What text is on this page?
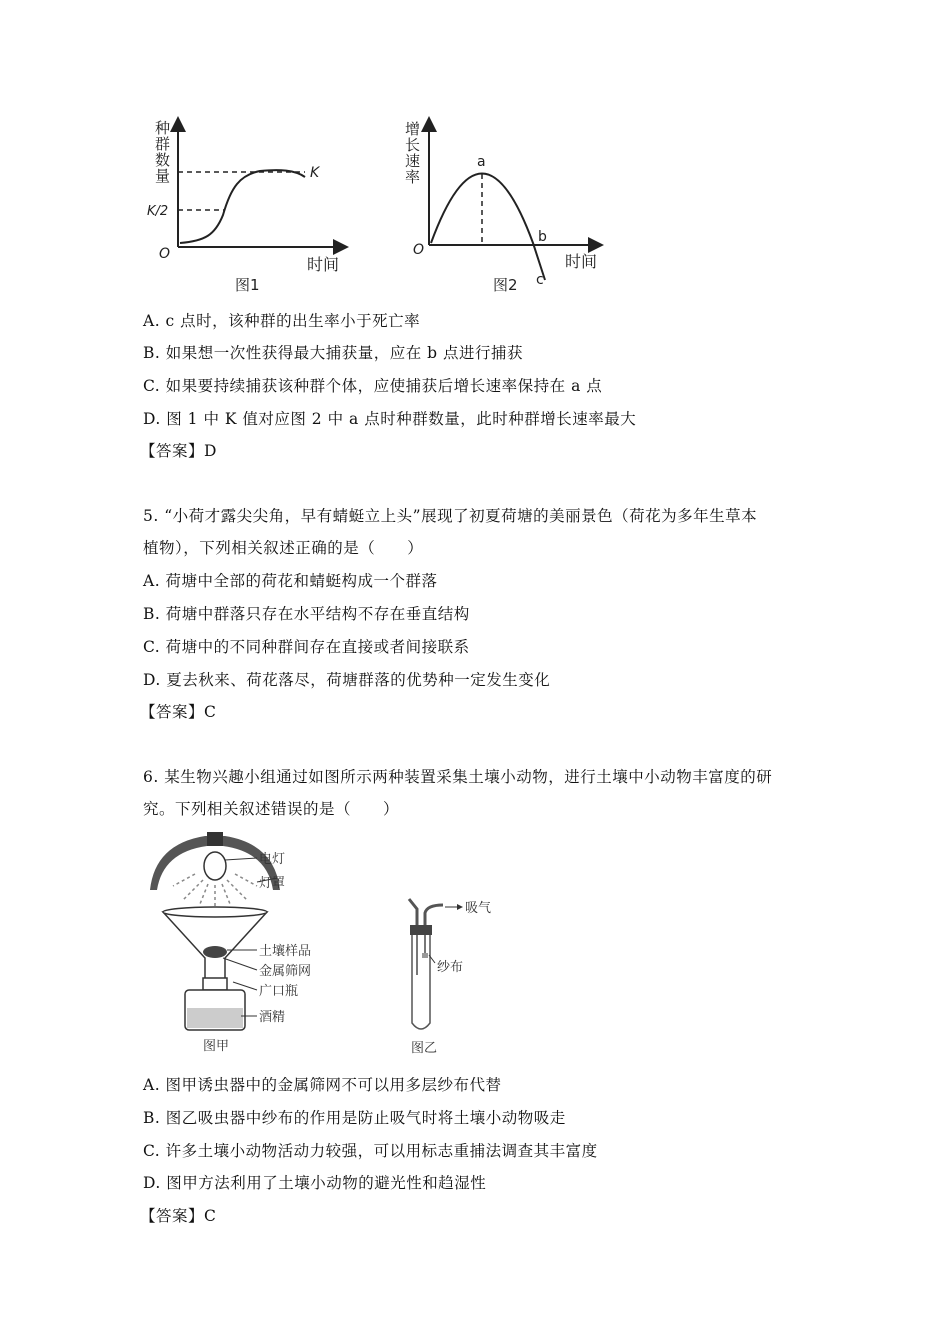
种
群
数
量	K
K/2
O
时间
图1
增
长
速
率
a
b
c
O
时间
图2
A. c 点时，该种群的出生率小于死亡率
B. 如果想一次性获得最大捕获量，应在 b 点进行捕获
C. 如果要持续捕获该种群个体，应使捕获后增长速率保持在 a 点
D. 图 1 中 K 值对应图 2 中 a 点时种群数量，此时种群增长速率最大
【答案】D
5. “小荷才露尖尖角，早有蜻蜓立上头”展现了初夏荷塘的美丽景色（荷花为多年生草本
植物），下列相关叙述正确的是（　　）
A. 荷塘中全部的荷花和蜻蜓构成一个群落
B. 荷塘中群落只存在水平结构不存在垂直结构
C. 荷塘中的不同种群间存在直接或者间接联系
D. 夏去秋来、荷花落尽，荷塘群落的优势种一定发生变化
【答案】C
6. 某生物兴趣小组通过如图所示两种装置采集土壤小动物，进行土壤中小动物丰富度的研
究。下列相关叙述错误的是（　　）
电灯
灯罩
土壤样品
金属筛网
广口瓶
酒精
图甲
吸气
纱布
图乙
A. 图甲诱虫器中的金属筛网不可以用多层纱布代替
B. 图乙吸虫器中纱布的作用是防止吸气时将土壤小动物吸走
C. 许多土壤小动物活动力较强，可以用标志重捕法调查其丰富度
D. 图甲方法利用了土壤小动物的避光性和趋湿性
【答案】C
